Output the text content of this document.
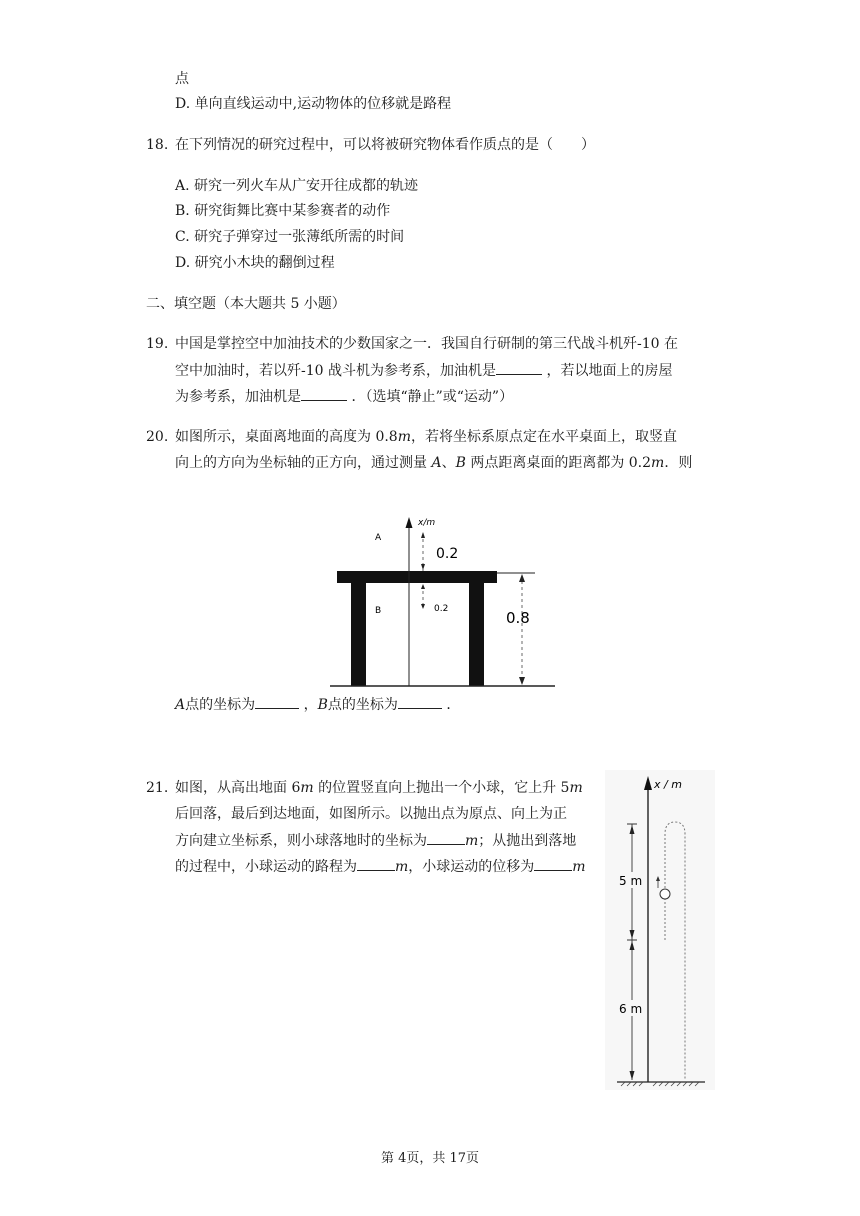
点
D. 单向直线运动中,运动物体的位移就是路程
18. 在下列情况的研究过程中，可以将被研究物体看作质点的是（　　）
A. 研究一列火车从广安开往成都的轨迹
B. 研究街舞比赛中某参赛者的动作
C. 研究子弹穿过一张薄纸所需的时间
D. 研究小木块的翻倒过程
二、填空题（本大题共 5 小题）
19. 中国是掌控空中加油技术的少数国家之一．我国自行研制的第三代战斗机歼-10 在
空中加油时，若以歼-10 战斗机为参考系，加油机是	，若以地面上的房屋
为参考系，加油机是	．（选填“静止”或“运动”）
20. 如图所示，桌面离地面的高度为 0.8m，若将坐标系原点定在水平桌面上，取竖直
向上的方向为坐标轴的正方向，通过测量 A、B 两点距离桌面的距离都为 0.2m．则
x/m
A
0.2
B	0.2	0.8
A点的坐标为	，B点的坐标为	．
21. 如图，从高出地面 6m 的位置竖直向上抛出一个小球，它上升 5m
后回落，最后到达地面，如图所示。以抛出点为原点、向上为正
方向建立坐标系，则小球落地时的坐标为	m；从抛出到落地
的过程中，小球运动的路程为	m，小球运动的位移为	m
x / m
5 m
6 m
第 4页，共 17页
